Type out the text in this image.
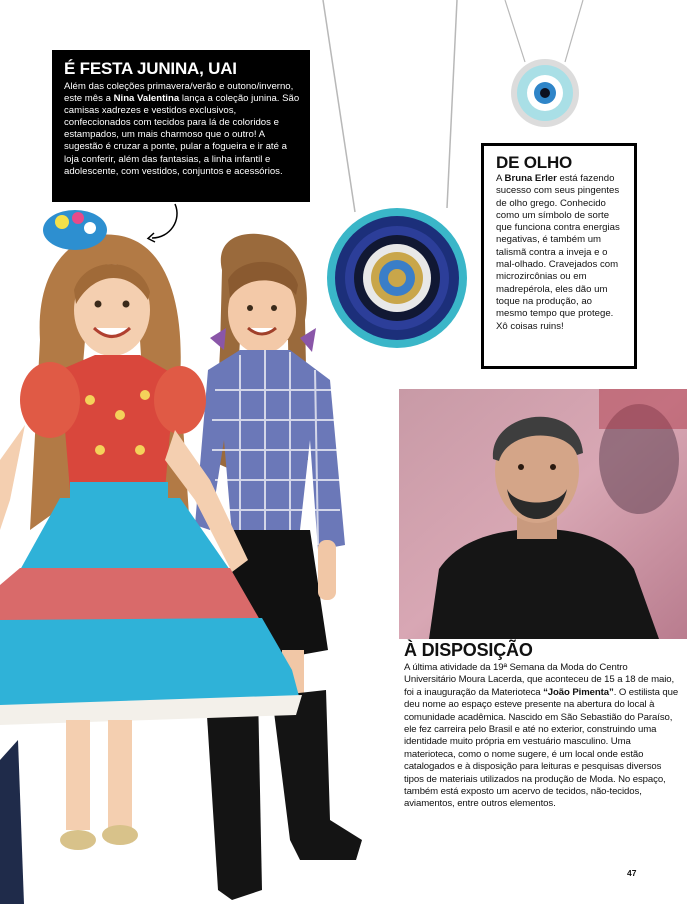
É FESTA JUNINA, UAI

Além das coleções primavera/verão e outono/inverno, este mês a Nina Valentina lança a coleção junina. São camisas xadrezes e vestidos exclusivos, confeccionados com tecidos para lá de coloridos e estampados, um mais charmoso que o outro! A sugestão é cruzar a ponte, pular a fogueira e ir até a loja conferir, além das fantasias, a linha infantil e adolescente, com vestidos, conjuntos e acessórios.	DE OLHO

A Bruna Erler está fazendo sucesso com seus pingentes de olho grego. Conhecido como um símbolo de sorte que funciona contra energias negativas, é também um talismã contra a inveja e o mal-olhado. Cravejados com microzircônias ou em madrepérola, eles dão um toque na produção, ao mesmo tempo que protege. Xô coisas ruins!

À DISPOSIÇÃO

A última atividade da 19ª Semana da Moda do Centro Universitário Moura Lacerda, que aconteceu de 15 a 18 de maio, foi a inauguração da Materioteca “João Pimenta”. O estilista que deu nome ao espaço esteve presente na abertura do local à comunidade acadêmica. Nascido em São Sebastião do Paraíso, ele fez carreira pelo Brasil e até no exterior, construindo uma identidade muito própria em vestuário masculino. Uma materioteca, como o nome sugere, é um local onde estão catalogados e à disposição para leituras e pesquisas diversos tipos de materiais utilizados na produção de Moda. No espaço, também está exposto um acervo de tecidos, não-tecidos, aviamentos, entre outros elementos.

47
